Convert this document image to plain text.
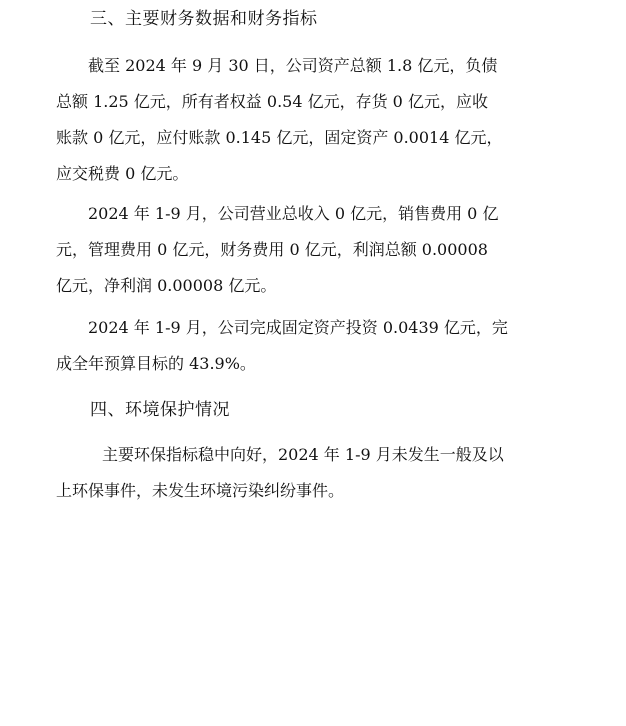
三、主要财务数据和财务指标
截至 2024 年 9 月 30 日，公司资产总额 1.8 亿元，负债
总额 1.25 亿元，所有者权益 0.54 亿元，存货 0 亿元，应收
账款 0 亿元，应付账款 0.145 亿元，固定资产 0.0014 亿元，
应交税费 0 亿元。
2024 年 1-9 月，公司营业总收入 0 亿元，销售费用 0 亿
元，管理费用 0 亿元，财务费用 0 亿元，利润总额 0.00008
亿元，净利润 0.00008 亿元。
2024 年 1-9 月，公司完成固定资产投资 0.0439 亿元，完
成全年预算目标的 43.9%。
四、环境保护情况
主要环保指标稳中向好，2024 年 1-9 月未发生一般及以
上环保事件，未发生环境污染纠纷事件。
